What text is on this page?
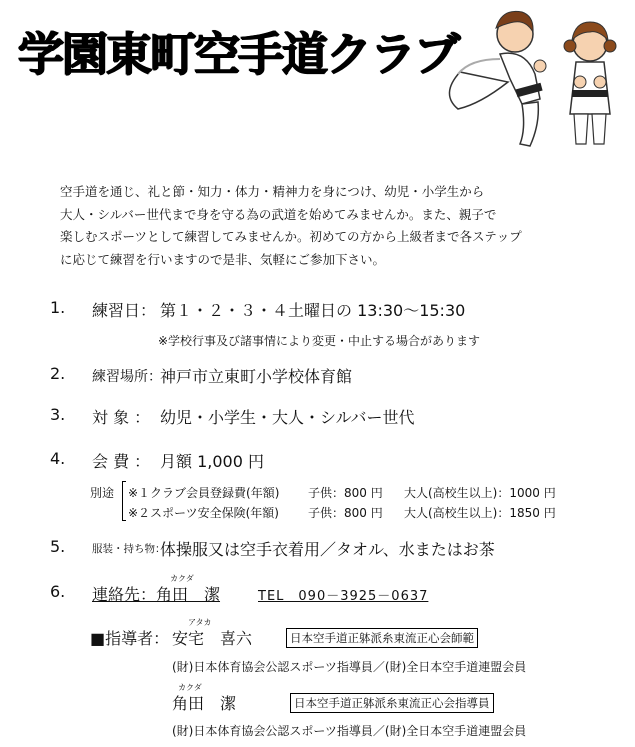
学園東町空手道クラブ
空手道を通じ、礼と節・知力・体力・精神力を身につけ、幼児・小学生から
大人・シルバー世代まで身を守る為の武道を始めてみませんか。また、親子で
楽しむスポーツとして練習してみませんか。初めての方から上級者まで各ステップ
に応じて練習を行いますので是非、気軽にご参加下さい。
1. 練習日： 第１・２・３・４土曜日の 13:30～15:30
※学校行事及び諸事情により変更・中止する場合があります
2. 練習場所：
神戸市立東町小学校体育館
3. 対 象 ： 幼児・小学生・大人・シルバー世代
4. 会 費 ： 月額 1,000 円
別途 ※１クラブ会員登録費(年額) 子供：800 円 大人(高校生以上)：1000 円
※２スポーツ安全保険(年額) 子供：800 円 大人(高校生以上)：1850 円
5.	服装・持ち物：
体操服又は空手衣着用／タオル、水またはお茶
6. 連絡先：
カクダ
角田　潔	TEL　090－3925－0637
■指導者：
アタカ
安宅　喜六	日本空手道正躰派糸東流正心会師範
(財)日本体育協会公認スポーツ指導員／(財)全日本空手道連盟会員
カクダ
角田　潔	日本空手道正躰派糸東流正心会指導員
(財)日本体育協会公認スポーツ指導員／(財)全日本空手道連盟会員
